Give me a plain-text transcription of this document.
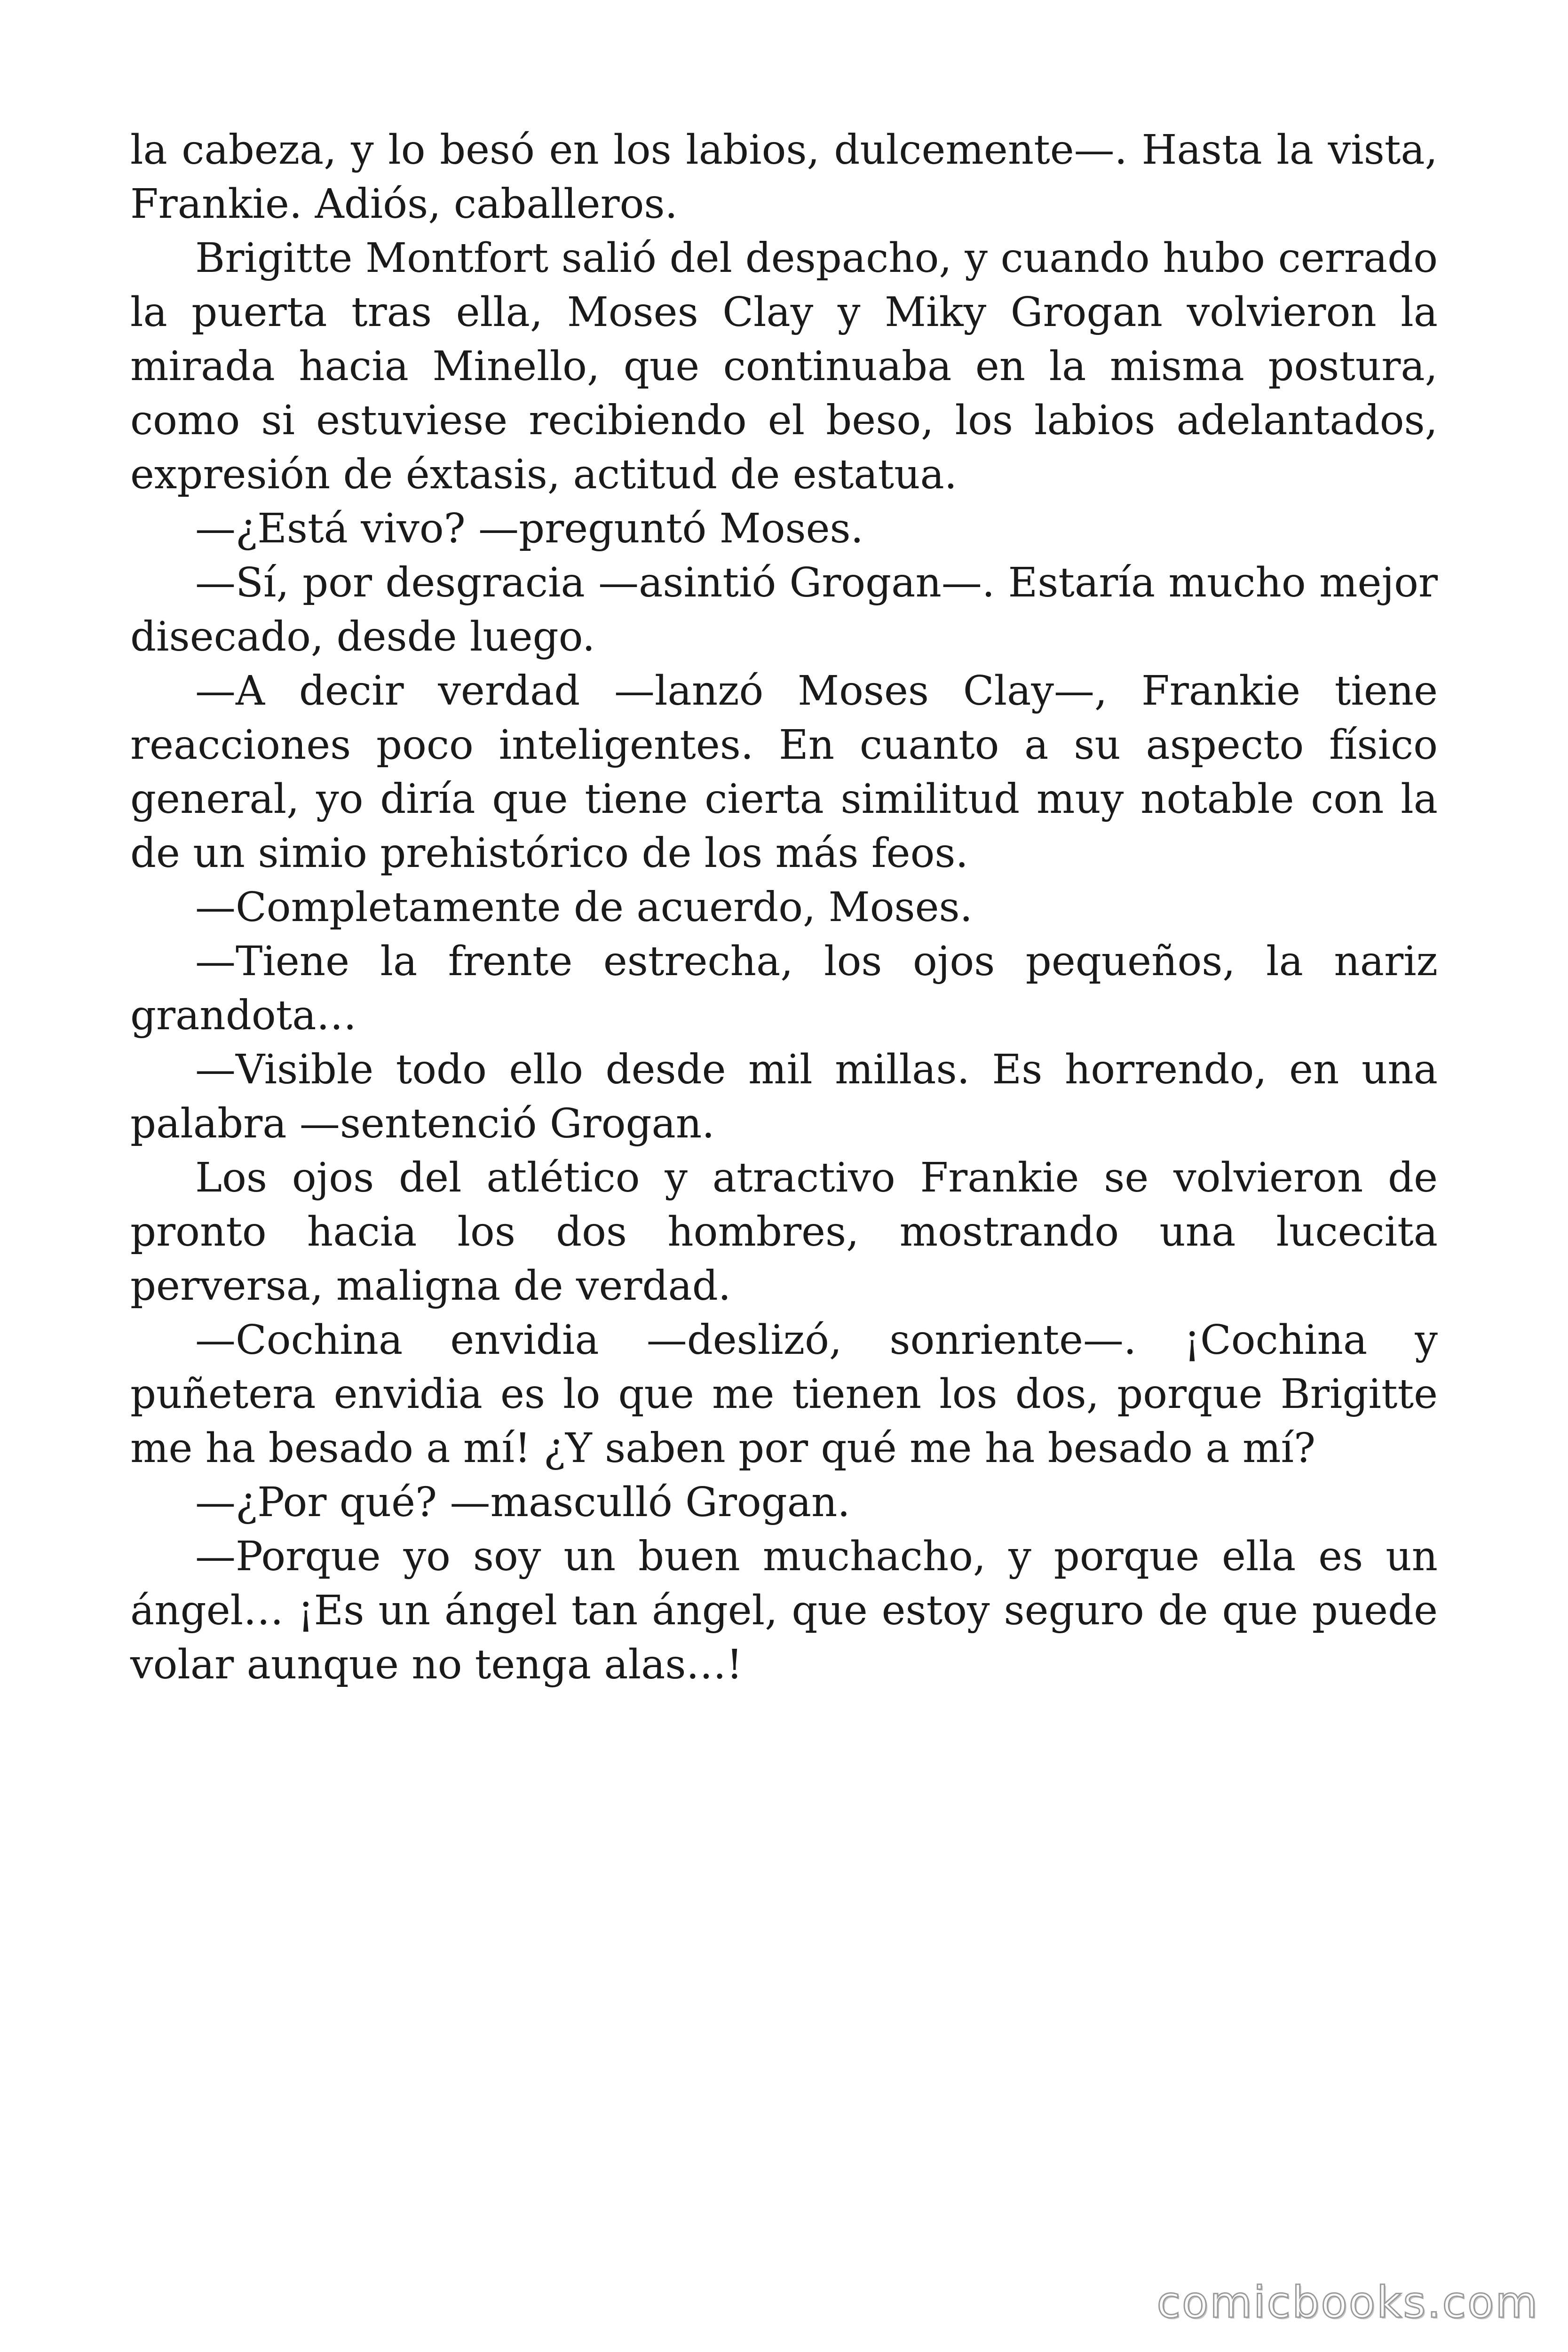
la cabeza, y lo besó en los labios, dulcemente—. Hasta la vista, Frankie. Adiós, caballeros.

Brigitte Montfort salió del despacho, y cuando hubo cerrado la puerta tras ella, Moses Clay y Miky Grogan volvieron la mirada hacia Minello, que continuaba en la misma postura, como si estuviese recibiendo el beso, los labios adelantados, expresión de éxtasis, actitud de estatua.

—¿Está vivo? —preguntó Moses.

—Sí, por desgracia —asintió Grogan—. Estaría mucho mejor disecado, desde luego.

—A decir verdad —lanzó Moses Clay—, Frankie tiene reacciones poco inteligentes. En cuanto a su aspecto físico general, yo diría que tiene cierta similitud muy notable con la de un simio prehistórico de los más feos.

—Completamente de acuerdo, Moses.

—Tiene la frente estrecha, los ojos pequeños, la nariz grandota…

—Visible todo ello desde mil millas. Es horrendo, en una palabra —sentenció Grogan.

Los ojos del atlético y atractivo Frankie se volvieron de pronto hacia los dos hombres, mostrando una lucecita perversa, maligna de verdad.

—Cochina envidia —deslizó, sonriente—. ¡Cochina y puñetera envidia es lo que me tienen los dos, porque Brigitte me ha besado a mí! ¿Y saben por qué me ha besado a mí?

—¿Por qué? —masculló Grogan.

—Porque yo soy un buen muchacho, y porque ella es un ángel… ¡Es un ángel tan ángel, que estoy seguro de que puede volar aunque no tenga alas…!

comicbooks.com
